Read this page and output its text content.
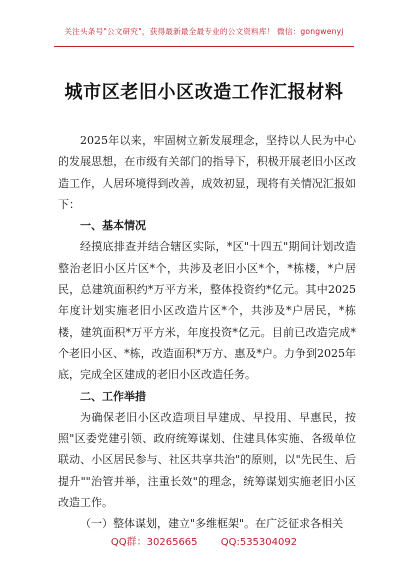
关注头条号"公文研究"，获得最新最全最专业的公文资料库！ 微信：gongwenyj
城市区老旧小区改造工作汇报材料

2025年以来，牢固树立新发展理念，坚持以人民为中心的发展思想，在市级有关部门的指导下，积极开展老旧小区改造工作，人居环境得到改善，成效初显，现将有关情况汇报如下：

一、基本情况

经摸底排查并结合辖区实际，*区"十四五"期间计划改造整治老旧小区片区*个，共涉及老旧小区*个，*栋楼，*户居民，总建筑面积约*万平方米，整体投资约*亿元。其中2025年度计划实施老旧小区改造片区*个，共涉及*户居民，*栋楼，建筑面积*万平方米，年度投资*亿元。目前已改造完成*个老旧小区、*栋，改造面积*万方、惠及*户。力争到2025年底，完成全区建成的老旧小区改造任务。

二、工作举措

为确保老旧小区改造项目早建成、早投用、早惠民，按照"区委党建引领、政府统筹谋划、住建具体实施、各级单位联动、小区居民参与、社区共享共治"的原则，以"先民生、后提升""治管并举，注重长效"的理念，统筹谋划实施老旧小区改造工作。

（一）整体谋划，建立"多维框架"。在广泛征求各相关

QQ群：30265665 QQ:535304092
